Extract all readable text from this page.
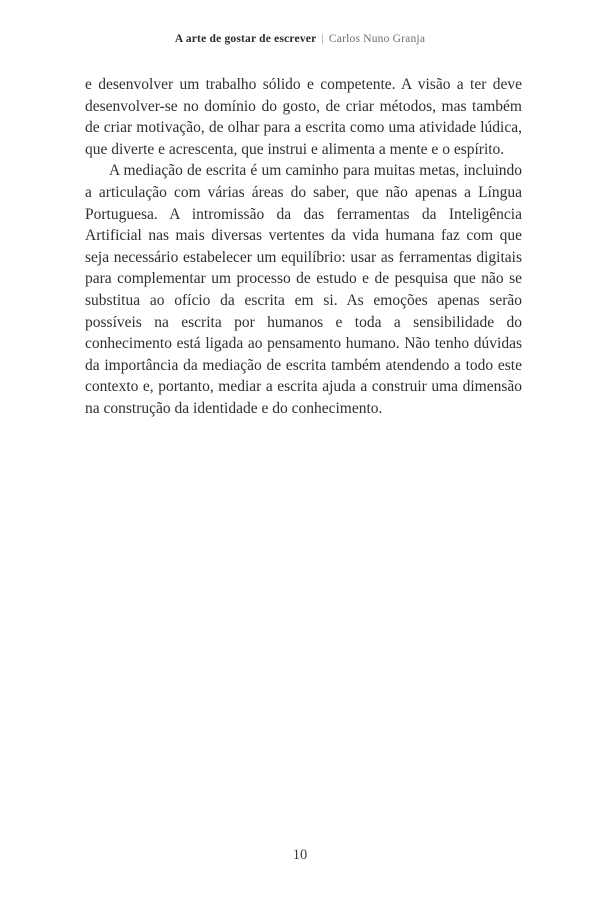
A arte de gostar de escrever | Carlos Nuno Granja

e desenvolver um trabalho sólido e competente. A visão a ter deve desenvolver-se no domínio do gosto, de criar métodos, mas também de criar motivação, de olhar para a escrita como uma atividade lúdica, que diverte e acrescenta, que instrui e alimenta a mente e o espírito.

A mediação de escrita é um caminho para muitas metas, incluindo a articulação com várias áreas do saber, que não apenas a Língua Portuguesa. A intromissão da das ferramentas da Inteligência Artificial nas mais diversas vertentes da vida humana faz com que seja necessário estabelecer um equilíbrio: usar as ferramentas digitais para complementar um processo de estudo e de pesquisa que não se substitua ao ofício da escrita em si. As emoções apenas serão possíveis na escrita por humanos e toda a sensibilidade do conhecimento está ligada ao pensamento humano. Não tenho dúvidas da importância da mediação de escrita também atendendo a todo este contexto e, portanto, mediar a escrita ajuda a construir uma dimensão na construção da identidade e do conhecimento.

10
